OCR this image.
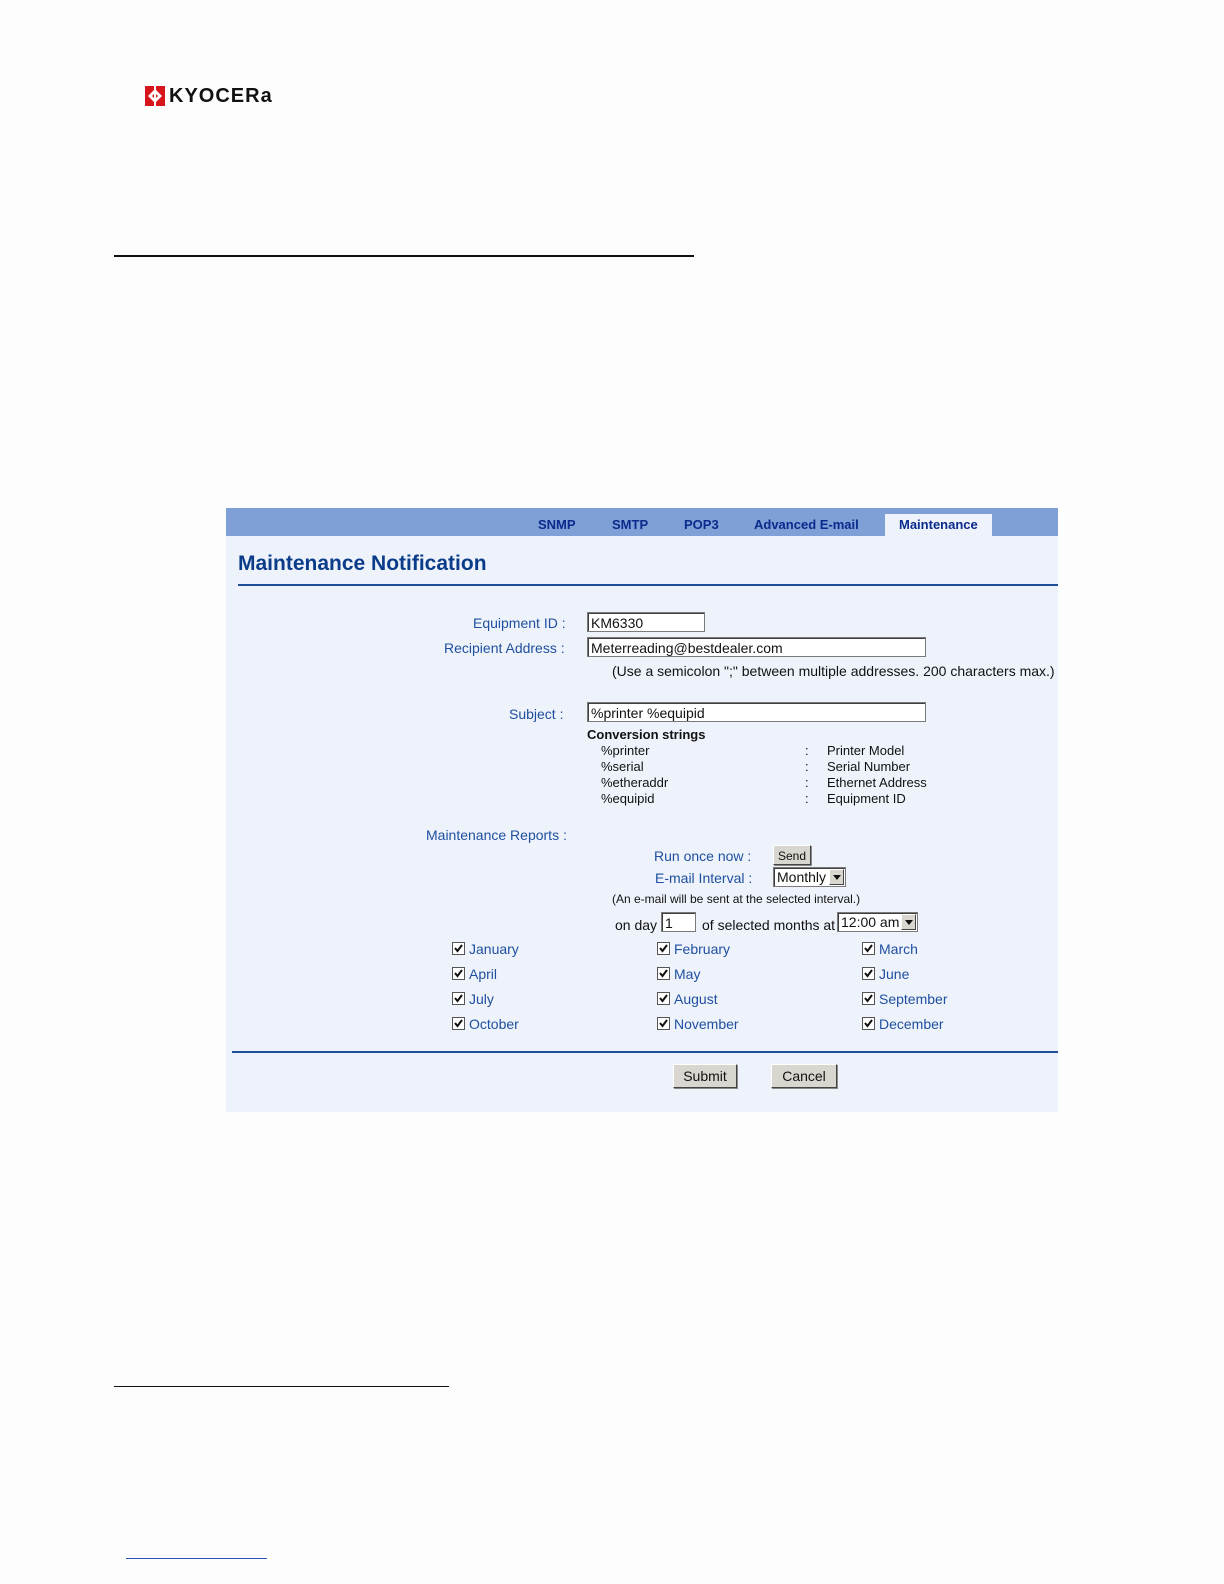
KYOCERa
SNMP	SMTP	POP3	Advanced E-mail	Maintenance
Maintenance Notification
Equipment ID : KM6330
Recipient Address : Meterreading@bestdealer.com
(Use a semicolon ";" between multiple addresses. 200 characters max.)
Subject : %printer %equipid
Conversion strings
%printer	: Printer Model
%serial	: Serial Number
%etheraddr	: Ethernet Address
%equipid	: Equipment ID
Maintenance Reports :
Run once now :	Send
E-mail Interval : Monthly
(An e-mail will be sent at the selected interval.)
on day 1	of selected months at 12:00 am
January	February	March
April	May	June
July	August	September
October	November	December
Submit	Cancel
